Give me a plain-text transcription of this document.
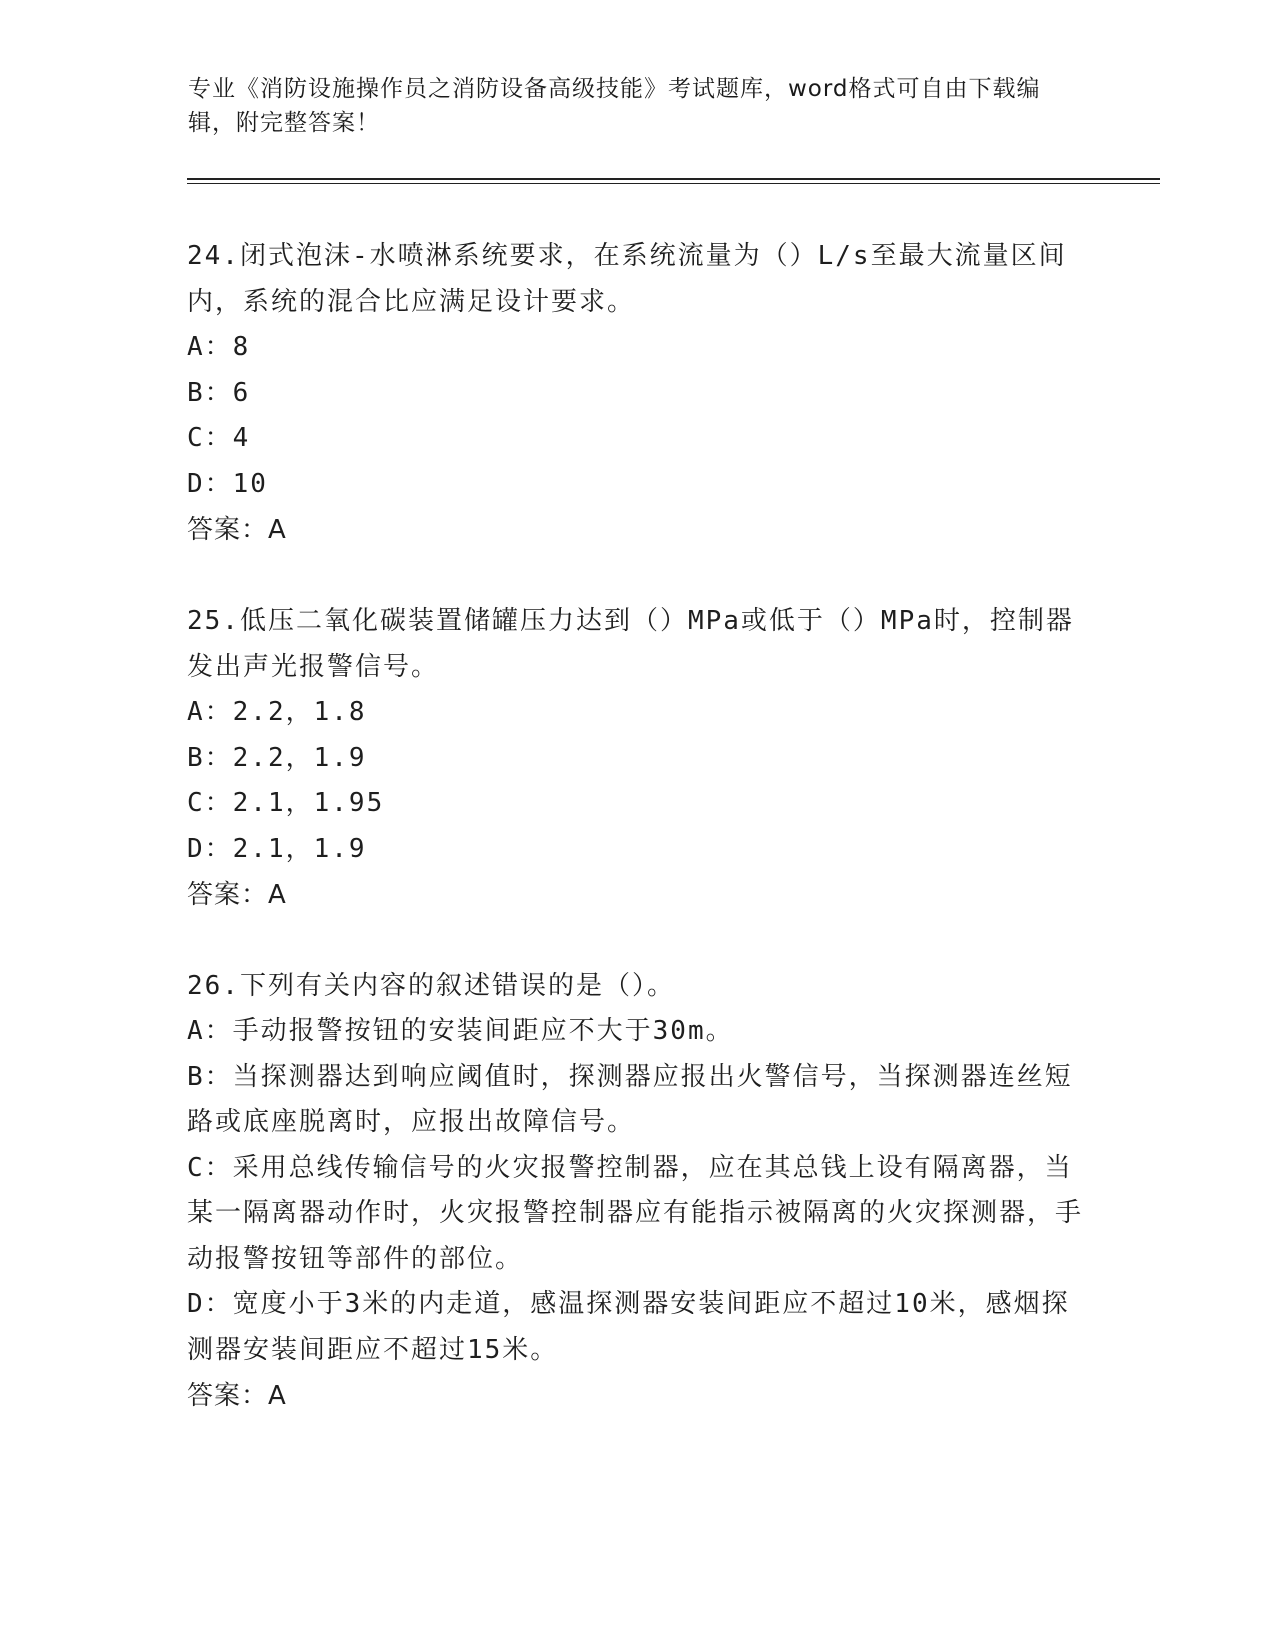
专业《消防设施操作员之消防设备高级技能》考试题库，word格式可自由下载编辑，附完整答案！

24.闭式泡沫-水喷淋系统要求，在系统流量为（）L/s至最大流量区间内，系统的混合比应满足设计要求。

A：8

B：6

C：4

D：10

答案：A

25.低压二氧化碳装置储罐压力达到（）MPa或低于（）MPa时，控制器发出声光报警信号。

A：2.2，1.8

B：2.2，1.9

C：2.1，1.95

D：2.1，1.9

答案：A

26.下列有关内容的叙述错误的是（）。

A：手动报警按钮的安装间距应不大于30m。

B：当探测器达到响应阈值时，探测器应报出火警信号，当探测器连丝短路或底座脱离时，应报出故障信号。

C：采用总线传输信号的火灾报警控制器，应在其总钱上设有隔离器，当某一隔离器动作时，火灾报警控制器应有能指示被隔离的火灾探测器，手动报警按钮等部件的部位。

D：宽度小于3米的内走道，感温探测器安装间距应不超过10米，感烟探测器安装间距应不超过15米。

答案：A
